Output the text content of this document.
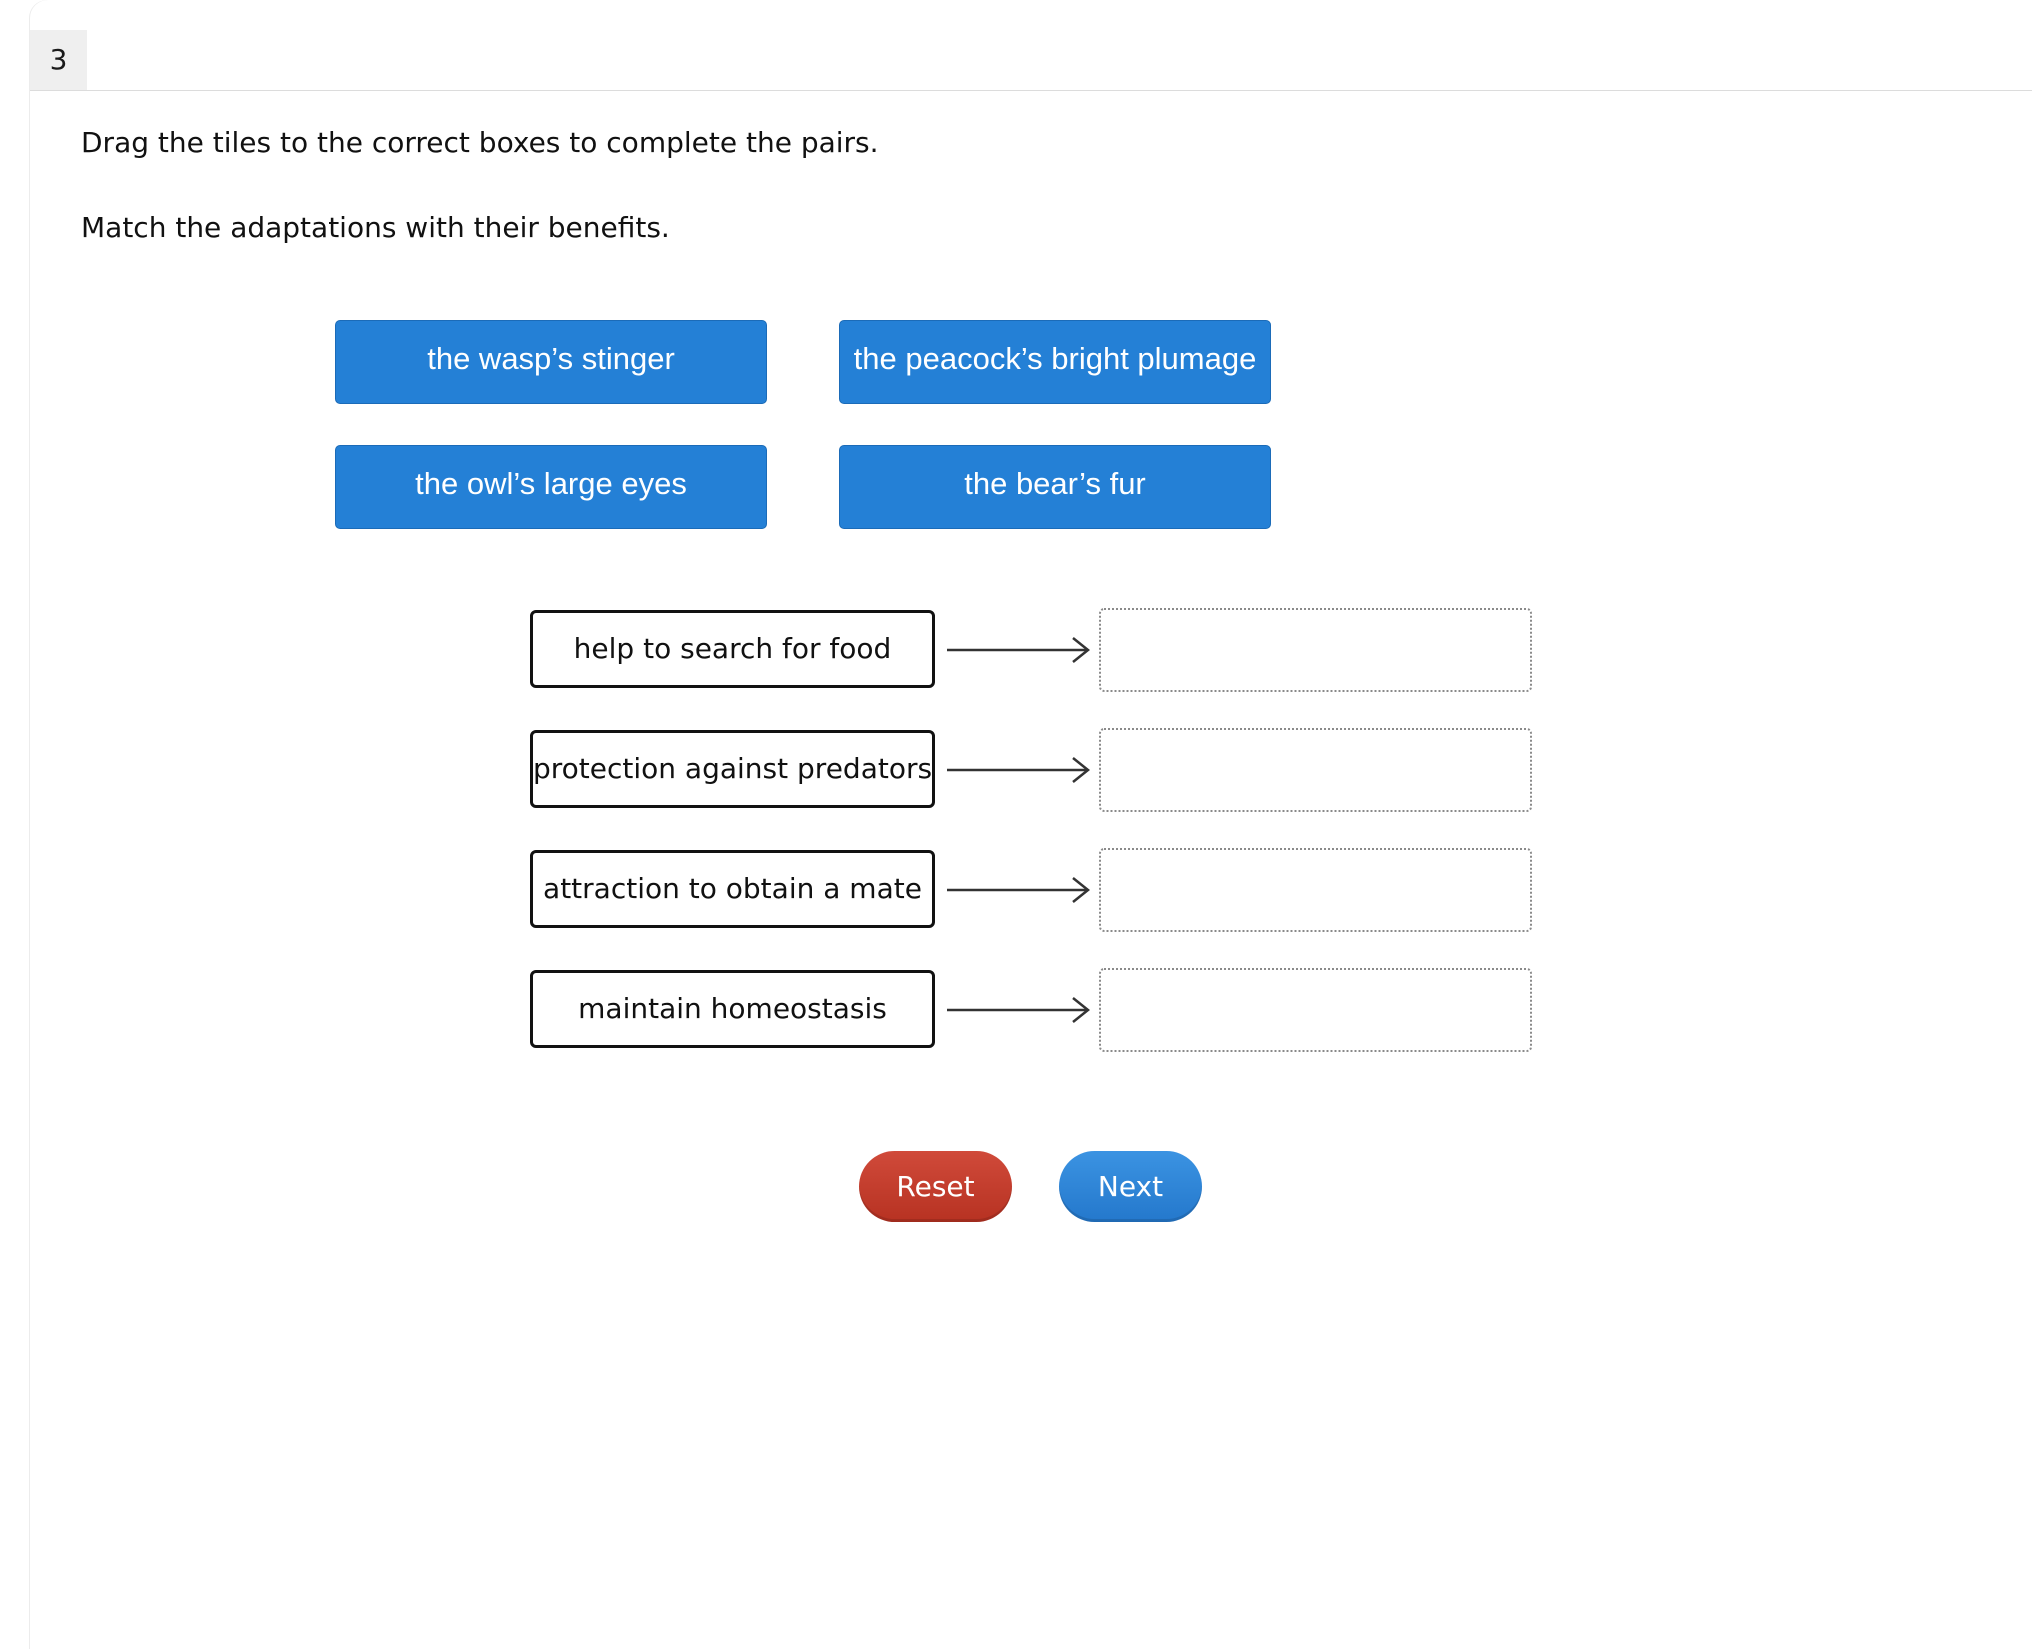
3
Drag the tiles to the correct boxes to complete the pairs.
Match the adaptations with their benefits.
the wasp’s stinger	the peacock’s bright plumage
the owl’s large eyes	the bear’s fur
help to search for food
protection against predators
attraction to obtain a mate
maintain homeostasis
Reset	Next
